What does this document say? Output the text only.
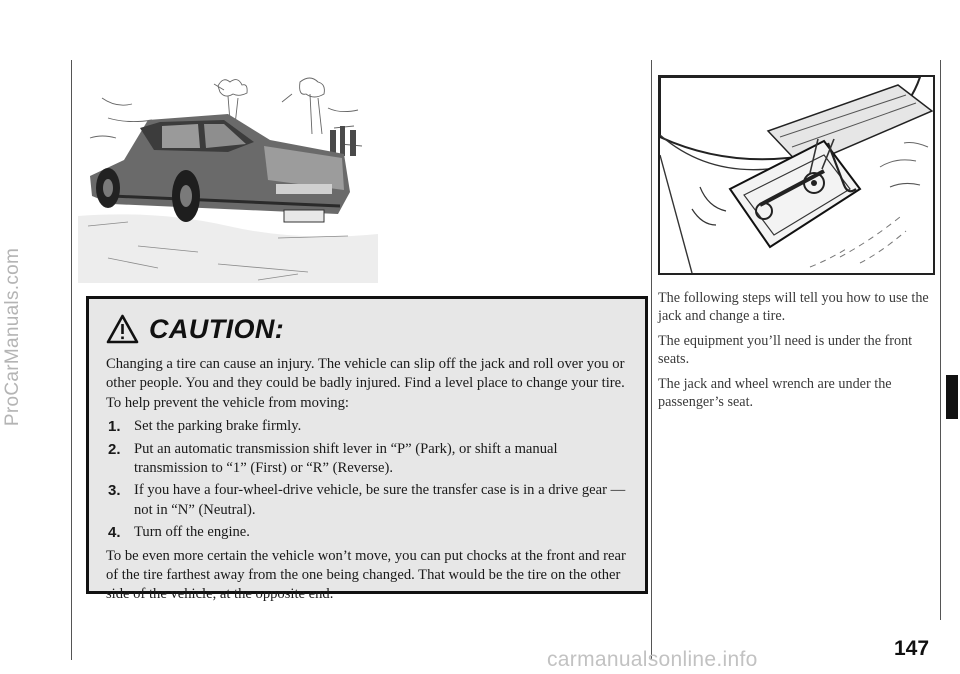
ProCarManuals.com	CAUTION:

Changing a tire can cause an injury. The vehicle can slip off the jack and roll over you or other people. You and they could be badly injured. Find a level place to change your tire. To help prevent the vehicle from moving:

1. Set the parking brake firmly.
2. Put an automatic transmission shift lever in “P” (Park), or shift a manual transmission to “1” (First) or “R” (Reverse).
3. If you have a four-wheel-drive vehicle, be sure the transfer case is in a drive gear — not in “N” (Neutral).
4. Turn off the engine.

To be even more certain the vehicle won’t move, you can put chocks at the front and rear of the tire farthest away from the one being changed. That would be the tire on the other side of the vehicle, at the opposite end.

The following steps will tell you how to use the jack and change a tire.

The equipment you’ll need is under the front seats.

The jack and wheel wrench are under the passenger’s seat.

147
carmanualsonline.info
